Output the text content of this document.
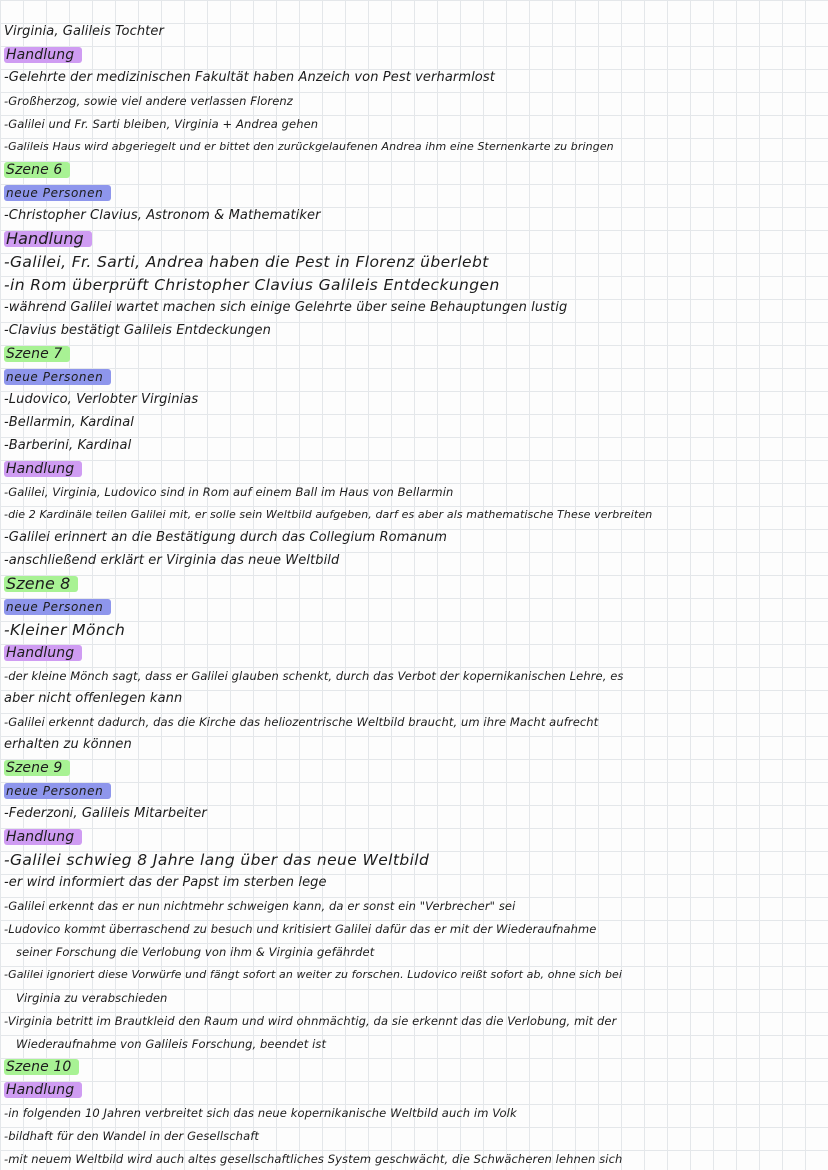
Virginia, Galileis Tochter
Handlung
-Gelehrte der medizinischen Fakultät haben Anzeich von Pest verharmlost
-Großherzog, sowie viel andere verlassen Florenz
-Galilei und Fr. Sarti bleiben, Virginia + Andrea gehen
-Galileis Haus wird abgeriegelt und er bittet den zurückgelaufenen Andrea ihm eine Sternenkarte zu bringen
Szene 6
neue Personen
-Christopher Clavius, Astronom & Mathematiker
Handlung
-Galilei, Fr. Sarti, Andrea haben die Pest in Florenz überlebt
-in Rom überprüft Christopher Clavius Galileis Entdeckungen
-während Galilei wartet machen sich einige Gelehrte über seine Behauptungen lustig
-Clavius bestätigt Galileis Entdeckungen
Szene 7
neue Personen
-Ludovico, Verlobter Virginias
-Bellarmin, Kardinal
-Barberini, Kardinal
Handlung
-Galilei, Virginia, Ludovico sind in Rom auf einem Ball im Haus von Bellarmin
-die 2 Kardinäle teilen Galilei mit, er solle sein Weltbild aufgeben, darf es aber als mathematische These verbreiten
-Galilei erinnert an die Bestätigung durch das Collegium Romanum
-anschließend erklärt er Virginia das neue Weltbild
Szene 8
neue Personen
-Kleiner Mönch
Handlung
-der kleine Mönch sagt, dass er Galilei glauben schenkt, durch das Verbot der kopernikanischen Lehre, es
aber nicht offenlegen kann
-Galilei erkennt dadurch, das die Kirche das heliozentrische Weltbild braucht, um ihre Macht aufrecht
erhalten zu können
Szene 9
neue Personen
-Federzoni, Galileis Mitarbeiter
Handlung
-Galilei schwieg 8 Jahre lang über das neue Weltbild
-er wird informiert das der Papst im sterben lege
-Galilei erkennt das er nun nichtmehr schweigen kann, da er sonst ein "Verbrecher" sei
-Ludovico kommt überraschend zu besuch und kritisiert Galilei dafür das er mit der Wiederaufnahme
seiner Forschung die Verlobung von ihm & Virginia gefährdet
-Galilei ignoriert diese Vorwürfe und fängt sofort an weiter zu forschen. Ludovico reißt sofort ab, ohne sich bei
Virginia zu verabschieden
-Virginia betritt im Brautkleid den Raum und wird ohnmächtig, da sie erkennt das die Verlobung, mit der
Wiederaufnahme von Galileis Forschung, beendet ist
Szene 10
Handlung
-in folgenden 10 Jahren verbreitet sich das neue kopernikanische Weltbild auch im Volk
-bildhaft für den Wandel in der Gesellschaft
-mit neuem Weltbild wird auch altes gesellschaftliches System geschwächt, die Schwächeren lehnen sich
